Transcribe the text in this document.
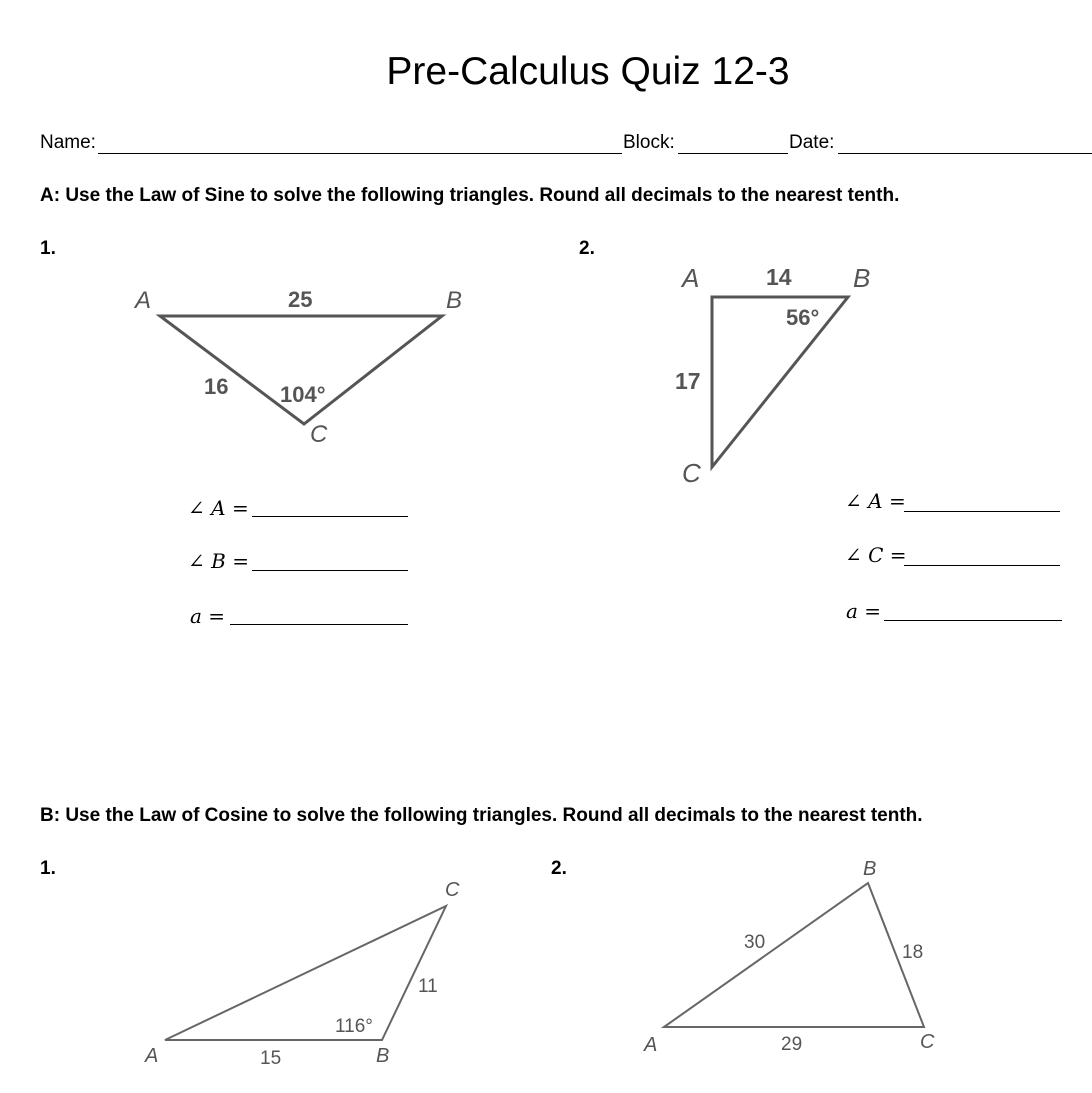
Pre-Calculus Quiz 12-3
Name:	Block:	Date:
A: Use the Law of Sine to solve the following triangles. Round all decimals to the nearest tenth.
1.	2.
A	B
C
25
16 104°
A	B
C
14
17
56°
∠ A =
∠ B =
a =
∠ A =
∠ C =
a =
B: Use the Law of Cosine to solve the following triangles. Round all decimals to the nearest tenth.
1.	2.
A	B
C
15
11
116°
A
B
C
30	18
29
